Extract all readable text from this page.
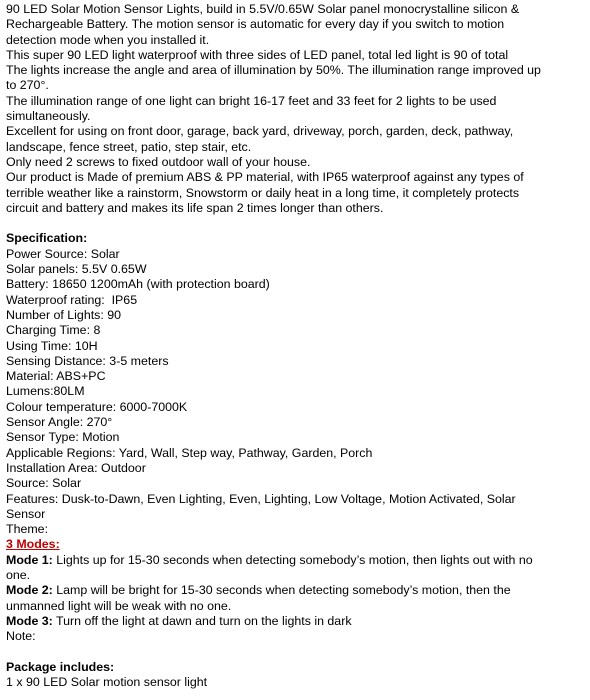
90 LED Solar Motion Sensor Lights, build in 5.5V/0.65W Solar panel monocrystalline silicon &
Rechargeable Battery. The motion sensor is automatic for every day if you switch to motion
detection mode when you installed it.
This super 90 LED light waterproof with three sides of LED panel, total led light is 90 of total
The lights increase the angle and area of illumination by 50%. The illumination range improved up
to 270°.
The illumination range of one light can bright 16-17 feet and 33 feet for 2 lights to be used
simultaneously.
Excellent for using on front door, garage, back yard, driveway, porch, garden, deck, pathway,
landscape, fence street, patio, step stair, etc.
Only need 2 screws to fixed outdoor wall of your house.
Our product is Made of premium ABS & PP material, with IP65 waterproof against any types of
terrible weather like a rainstorm, Snowstorm or daily heat in a long time, it completely protects
circuit and battery and makes its life span 2 times longer than others.
Specification:
Power Source: Solar
Solar panels: 5.5V 0.65W
Battery: 18650 1200mAh (with protection board)
Waterproof rating:  IP65
Number of Lights: 90
Charging Time: 8
Using Time: 10H
Sensing Distance: 3-5 meters
Material: ABS+PC
Lumens:80LM
Colour temperature: 6000-7000K
Sensor Angle: 270°
Sensor Type: Motion
Applicable Regions: Yard, Wall, Step way, Pathway, Garden, Porch
Installation Area: Outdoor
Source: Solar
Features: Dusk-to-Dawn, Even Lighting, Even, Lighting, Low Voltage, Motion Activated, Solar
Sensor
Theme:
3 Modes:
Mode 1: Lights up for 15-30 seconds when detecting somebody’s motion, then lights out with no
one.
Mode 2: Lamp will be bright for 15-30 seconds when detecting somebody’s motion, then the
unmanned light will be weak with no one.
Mode 3: Turn off the light at dawn and turn on the lights in dark
Note:
Package includes:
1 x 90 LED Solar motion sensor light
